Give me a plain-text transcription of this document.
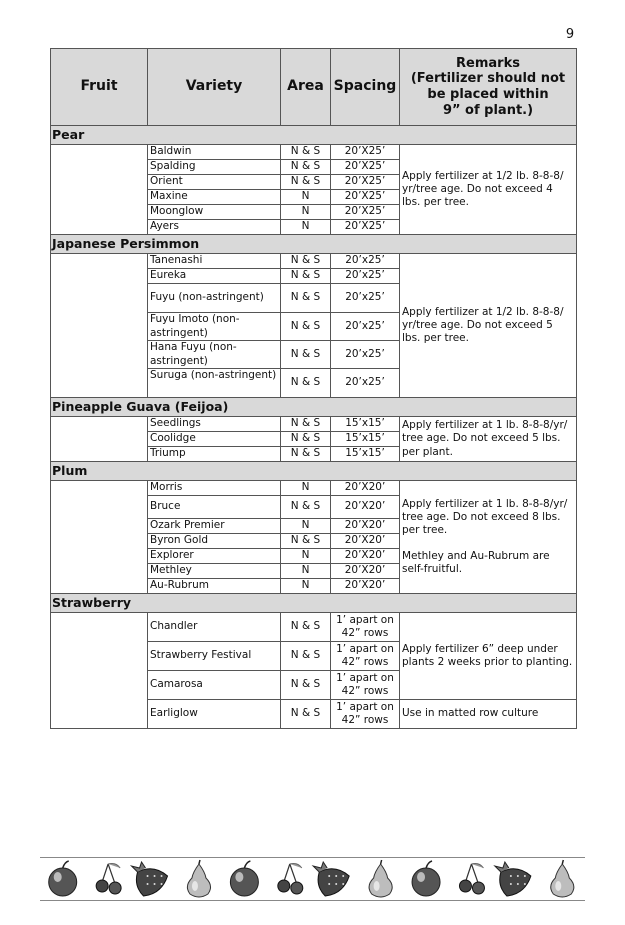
9
Fruit	Variety	Area	Spacing	Remarks
(Fertilizer should not
be placed within
9” of plant.)

Pear				
	Baldwin	N & S	20’X25’	Apply fertilizer at 1/2 lb. 8-8-8/ yr/tree age. Do not exceed 4 lbs. per tree.
	Spalding	N & S	20’X25’	
	Orient	N & S	20’X25’	
	Maxine	N	20’X25’	
	Moonglow	N	20’X25’	
	Ayers	N	20’X25’	
Japanese Persimmon				
	Tanenashi	N & S	20’x25’	Apply fertilizer at 1/2 lb. 8-8-8/ yr/tree age. Do not exceed 5 lbs. per tree.
	Eureka	N & S	20’x25’	
	Fuyu (non-astringent)	N & S	20’x25’	
	Fuyu Imoto (non-astringent)	N & S	20’x25’	
	Hana Fuyu (non-astringent)	N & S	20’x25’	
	Suruga (non-astringent)	N & S	20’x25’	
Pineapple Guava (Feijoa)				
	Seedlings	N & S	15’x15’	Apply fertilizer at 1 lb. 8-8-8/yr/ tree age. Do not exceed 5 lbs. per plant.
	Coolidge	N & S	15’x15’	
	Triump	N & S	15’x15’	
Plum				
	Morris	N	20’X20’	Apply fertilizer at 1 lb. 8-8-8/yr/ tree age. Do not exceed 8 lbs. per tree.
Methley and Au-Rubrum are self-fruitful.

	Bruce	N & S	20’X20’	
	Ozark Premier	N	20’X20’	
	Byron Gold	N & S	20’X20’	
	Explorer	N	20’X20’	
	Methley	N	20’X20’	
	Au-Rubrum	N	20’X20’	
Strawberry				
	Chandler	N & S	1’ apart on
42” rows	Apply fertilizer 6” deep under plants 2 weeks prior to planting.
	Strawberry Festival	N & S	1’ apart on
42” rows	

	Camarosa	N & S	1’ apart on
42” rows	

	Earliglow	N & S	1’ apart on
42” rows	Use in matted row culture
